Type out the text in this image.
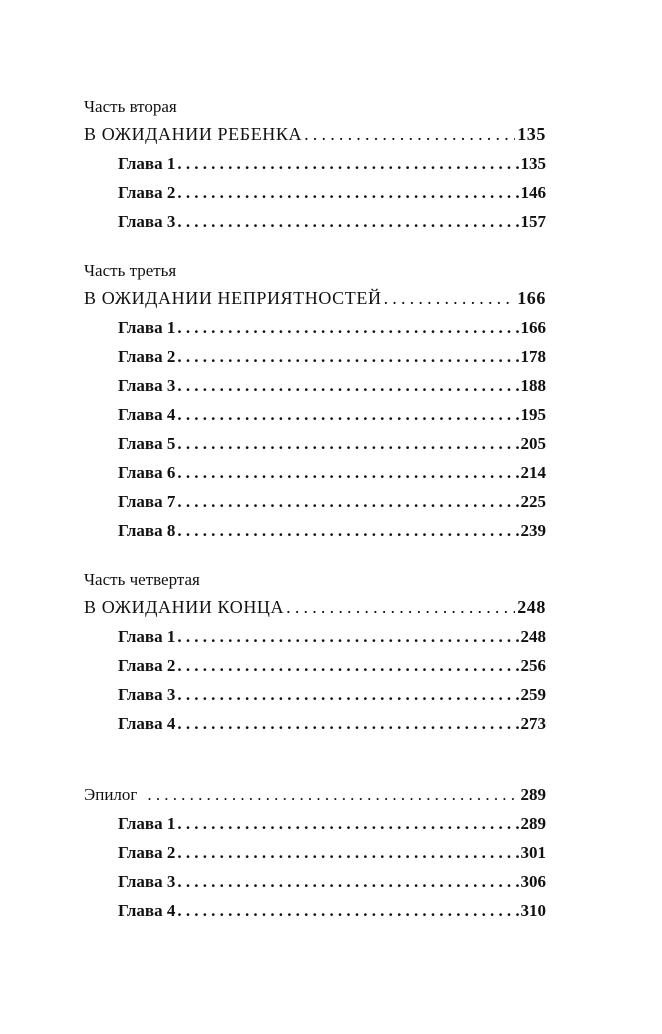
Часть вторая
В ОЖИДАНИИ РЕБЕНКА .....	135
Глава 1 .....	135
Глава 2 .....	146
Глава 3 .....	157
Часть третья
В ОЖИДАНИИ НЕПРИЯТНОСТЕЙ .....	166
Глава 1 .....	166
Глава 2 .....	178
Глава 3 .....	188
Глава 4 .....	195
Глава 5 .....	205
Глава 6 .....	214
Глава 7 .....	225
Глава 8 .....	239
Часть четвертая
В ОЖИДАНИИ КОНЦА .....	248
Глава 1 .....	248
Глава 2 .....	256
Глава 3 .....	259
Глава 4 .....	273
Эпилог .....	289
Глава 1 .....	289
Глава 2 .....	301
Глава 3 .....	306
Глава 4 .....	310
